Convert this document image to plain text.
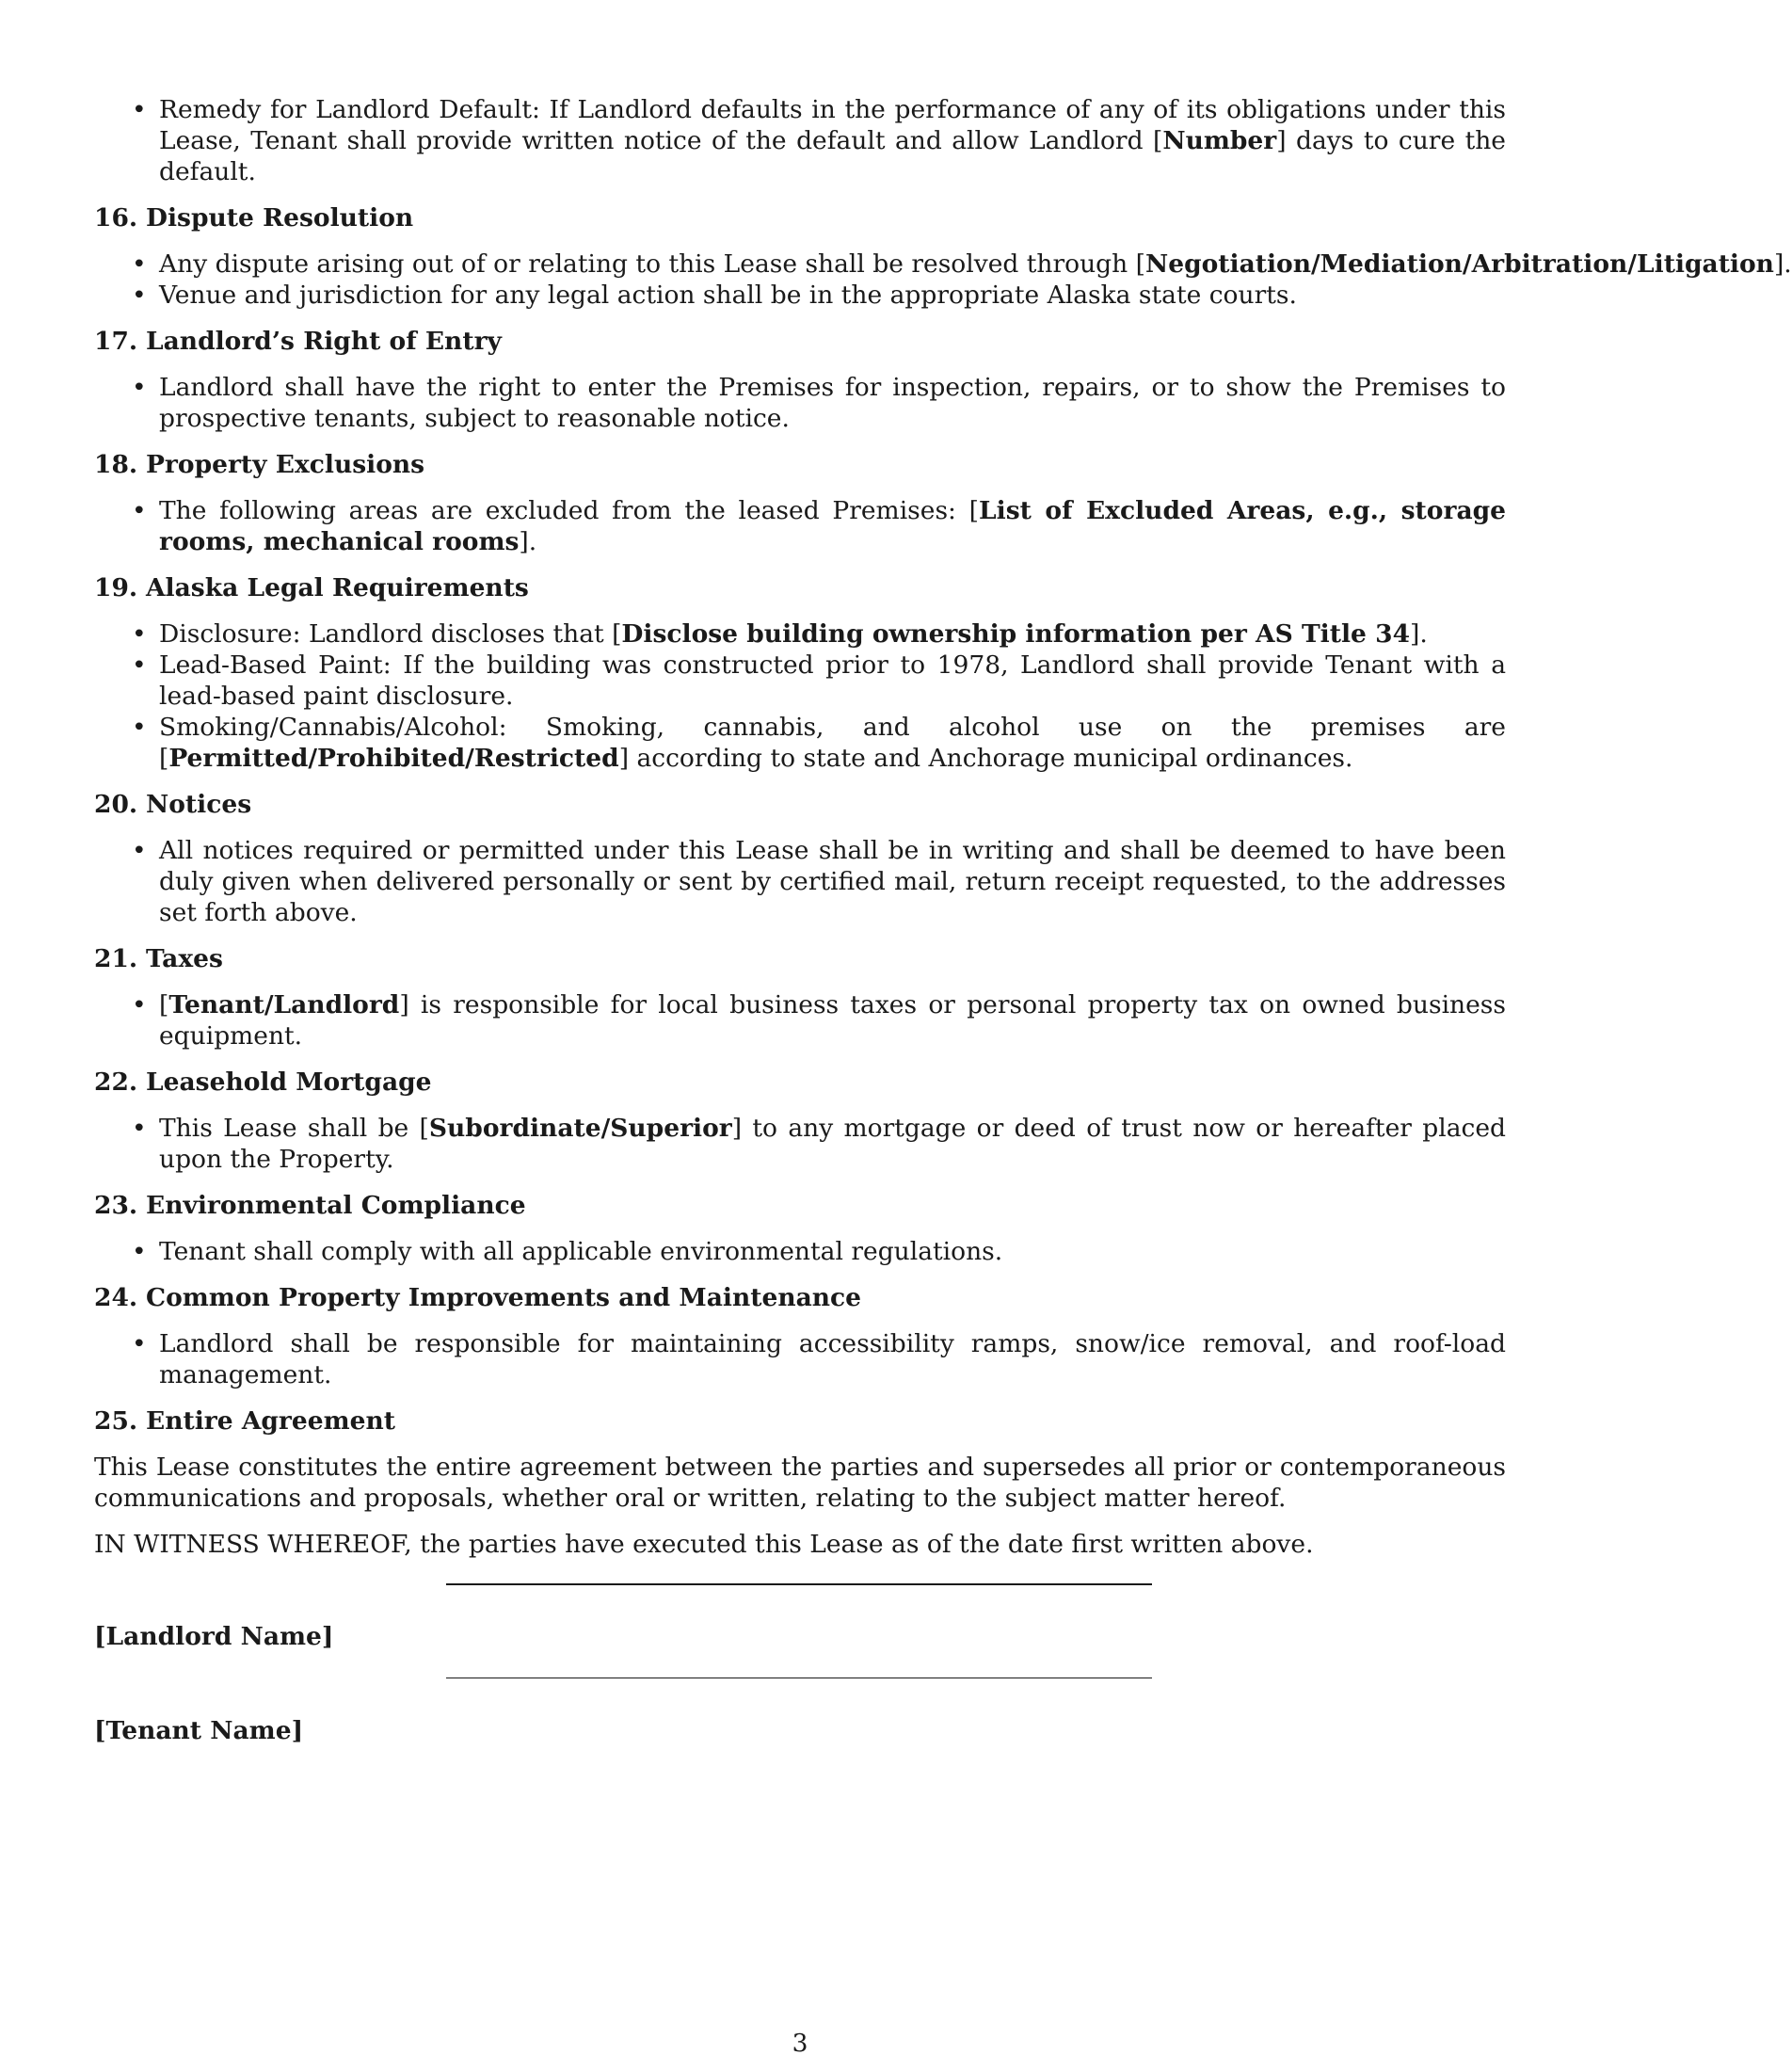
• Remedy for Landlord Default: If Landlord defaults in the performance of any of its obligations under this Lease, Tenant shall provide written notice of the default and allow Landlord [Number] days to cure the default.
16. Dispute Resolution
• Any dispute arising out of or relating to this Lease shall be resolved through [Negotiation/Mediation/Arbitration/Litigation].
• Venue and jurisdiction for any legal action shall be in the appropriate Alaska state courts.
17. Landlord’s Right of Entry
• Landlord shall have the right to enter the Premises for inspection, repairs, or to show the Premises to prospective tenants, subject to reasonable notice.
18. Property Exclusions
• The following areas are excluded from the leased Premises: [List of Excluded Areas, e.g., storage rooms, mechanical rooms].
19. Alaska Legal Requirements
• Disclosure: Landlord discloses that [Disclose building ownership information per AS Title 34].
• Lead-Based Paint: If the building was constructed prior to 1978, Landlord shall provide Tenant with a lead-based paint disclosure.
• Smoking/Cannabis/Alcohol: Smoking, cannabis, and alcohol use on the premises are [Permitted/Prohibited/Restricted] according to state and Anchorage municipal ordinances.
20. Notices
• All notices required or permitted under this Lease shall be in writing and shall be deemed to have been duly given when delivered personally or sent by certified mail, return receipt requested, to the addresses set forth above.
21. Taxes
• [Tenant/Landlord] is responsible for local business taxes or personal property tax on owned business equipment.
22. Leasehold Mortgage
• This Lease shall be [Subordinate/Superior] to any mortgage or deed of trust now or hereafter placed upon the Property.
23. Environmental Compliance
• Tenant shall comply with all applicable environmental regulations.
24. Common Property Improvements and Maintenance
• Landlord shall be responsible for maintaining accessibility ramps, snow/ice removal, and roof-load management.
25. Entire Agreement
This Lease constitutes the entire agreement between the parties and supersedes all prior or contemporaneous communications and proposals, whether oral or written, relating to the subject matter hereof.
IN WITNESS WHEREOF, the parties have executed this Lease as of the date first written above.
[Landlord Name]
[Tenant Name]
3
